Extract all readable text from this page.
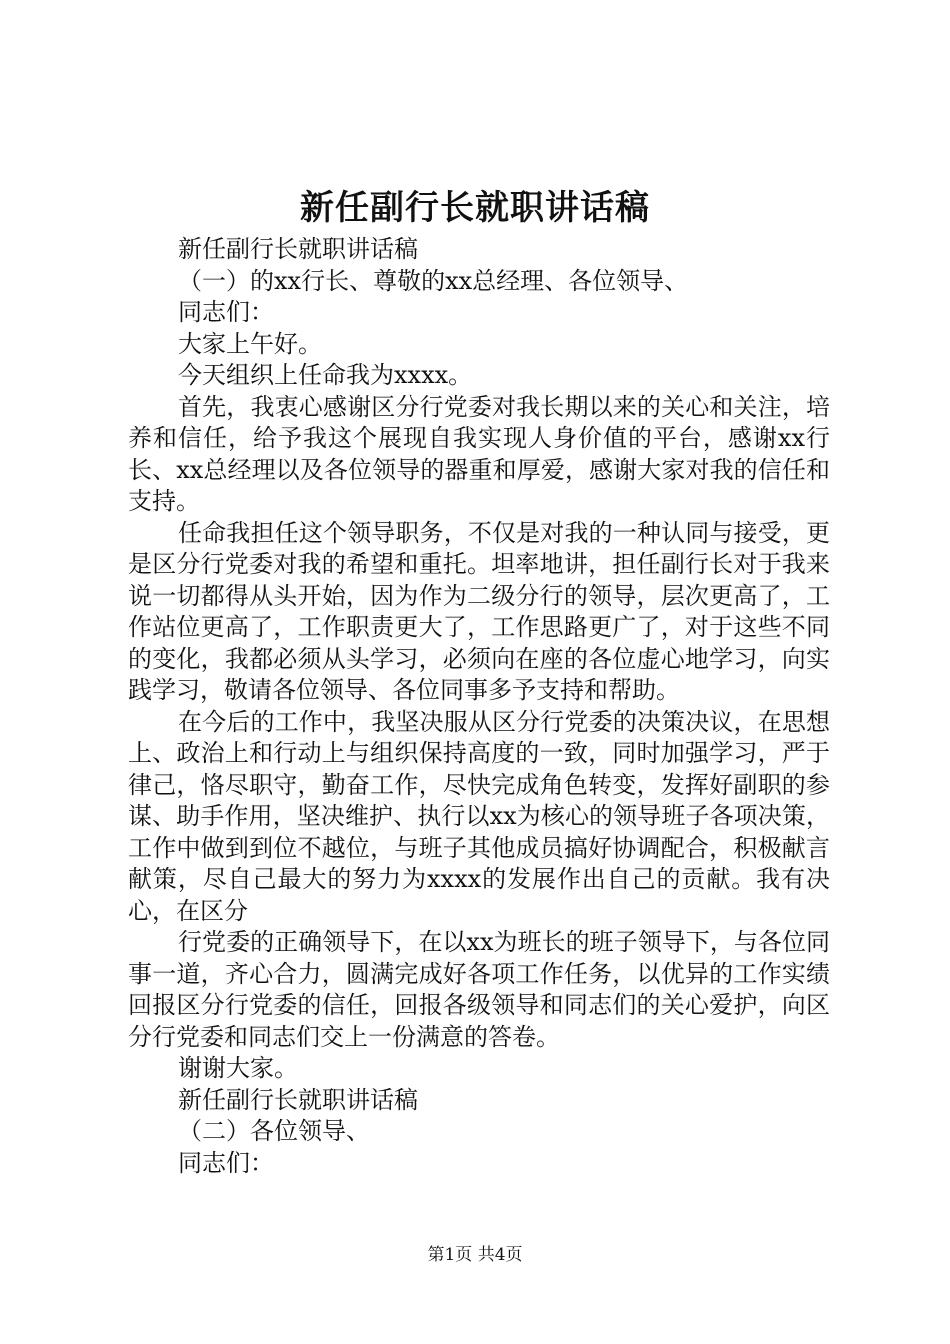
新任副行长就职讲话稿

新任副行长就职讲话稿

（一）的xx行长、尊敬的xx总经理、各位领导、

同志们：

大家上午好。

今天组织上任命我为xxxx。

首先，我衷心感谢区分行党委对我长期以来的关心和关注，培养和信任，给予我这个展现自我实现人身价值的平台，感谢xx行长、xx总经理以及各位领导的器重和厚爱，感谢大家对我的信任和支持。

任命我担任这个领导职务，不仅是对我的一种认同与接受，更是区分行党委对我的希望和重托。坦率地讲，担任副行长对于我来说一切都得从头开始，因为作为二级分行的领导，层次更高了，工作站位更高了，工作职责更大了，工作思路更广了，对于这些不同的变化，我都必须从头学习，必须向在座的各位虚心地学习，向实践学习，敬请各位领导、各位同事多予支持和帮助。

在今后的工作中，我坚决服从区分行党委的决策决议，在思想上、政治上和行动上与组织保持高度的一致，同时加强学习，严于律己，恪尽职守，勤奋工作，尽快完成角色转变，发挥好副职的参谋、助手作用，坚决维护、执行以xx为核心的领导班子各项决策，工作中做到到位不越位，与班子其他成员搞好协调配合，积极献言献策，尽自己最大的努力为xxxx的发展作出自己的贡献。我有决心，在区分

行党委的正确领导下，在以xx为班长的班子领导下，与各位同事一道，齐心合力，圆满完成好各项工作任务，以优异的工作实绩回报区分行党委的信任，回报各级领导和同志们的关心爱护，向区分行党委和同志们交上一份满意的答卷。

谢谢大家。

新任副行长就职讲话稿

（二）各位领导、

同志们：

第1页 共4页
